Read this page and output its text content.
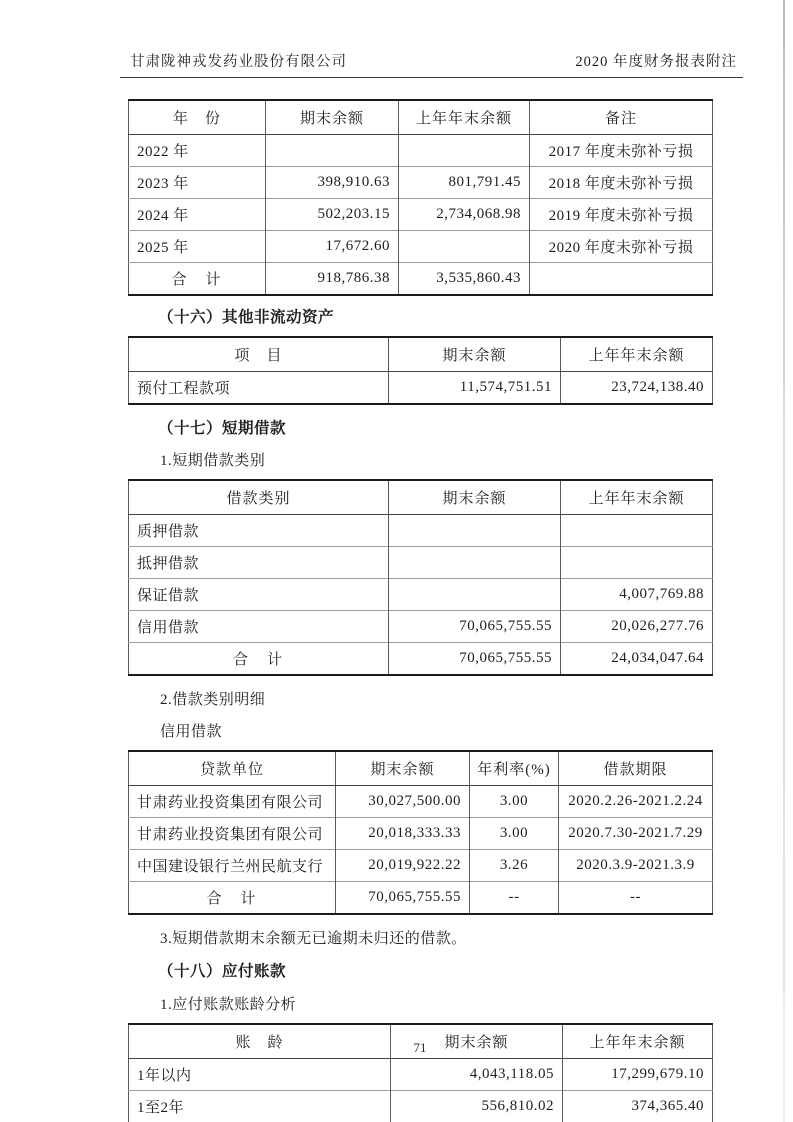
甘肃陇神戎发药业股份有限公司	2020 年度财务报表附注
年　份	期末余额	上年年末余额	备注
2022 年			2017 年度未弥补亏损
2023 年	398,910.63	801,791.45	2018 年度未弥补亏损
2024 年	502,203.15	2,734,068.98	2019 年度未弥补亏损
2025 年	17,672.60		2020 年度未弥补亏损
合　计	918,786.38	3,535,860.43	
（十六）其他非流动资产
项　目	期末余额	上年年末余额
预付工程款项	11,574,751.51	23,724,138.40
（十七）短期借款
1.短期借款类别
借款类别	期末余额	上年年末余额
质押借款		
抵押借款		
保证借款		4,007,769.88
信用借款	70,065,755.55	20,026,277.76
合　计	70,065,755.55	24,034,047.64
2.借款类别明细
信用借款
贷款单位	期末余额	年利率(%)	借款期限
甘肃药业投资集团有限公司	30,027,500.00	3.00	2020.2.26-2021.2.24
甘肃药业投资集团有限公司	20,018,333.33	3.00	2020.7.30-2021.7.29
中国建设银行兰州民航支行	20,019,922.22	3.26	2020.3.9-2021.3.9
合　计	70,065,755.55	--	--
3.短期借款期末余额无已逾期未归还的借款。
（十八）应付账款
1.应付账款账龄分析
账　龄	期末余额	上年年末余额
1年以内	4,043,118.05	17,299,679.10
1至2年	556,810.02	374,365.40
71
